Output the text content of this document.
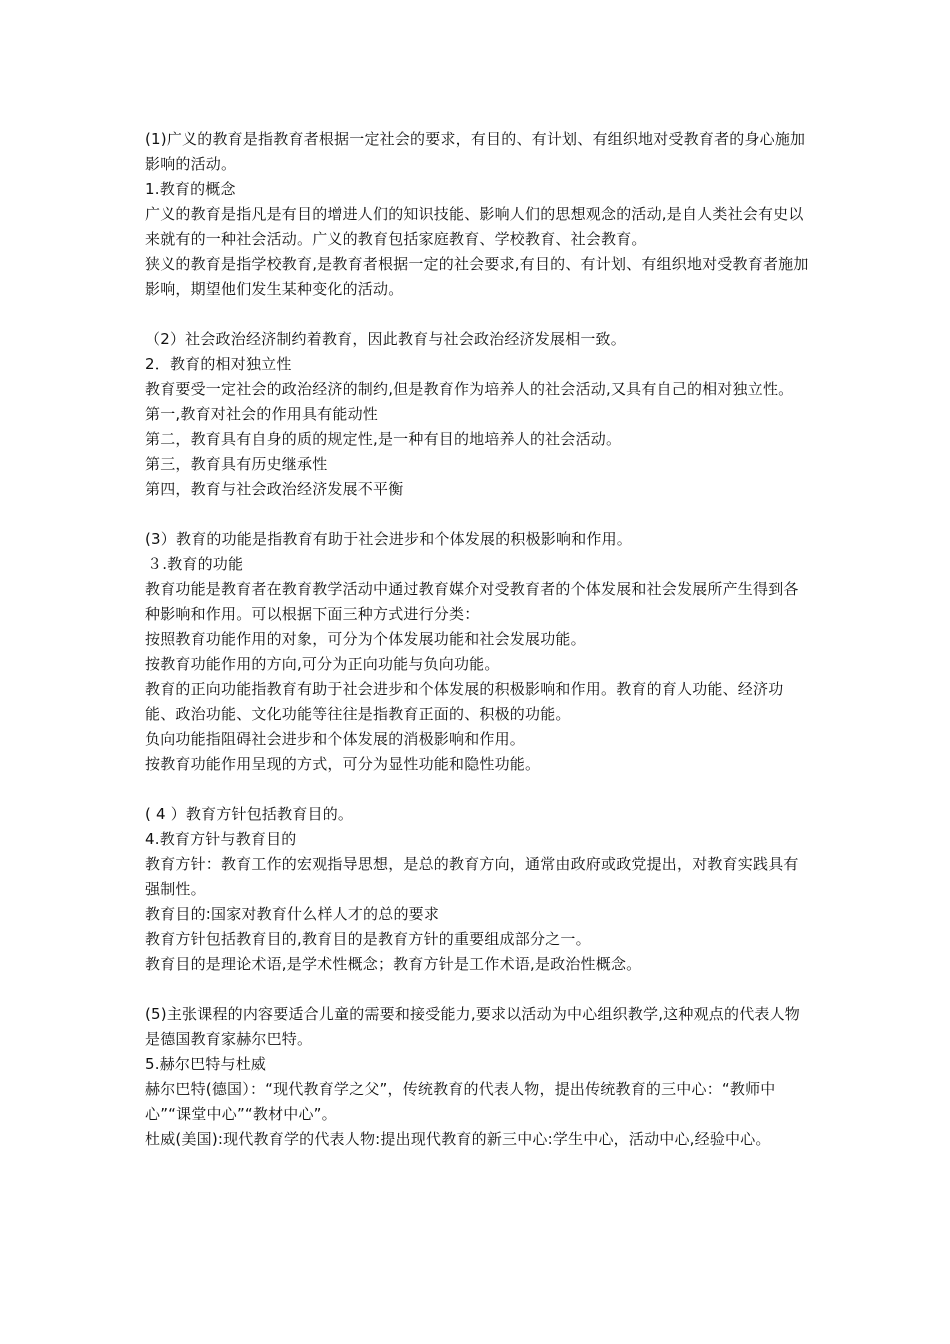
(1)广义的教育是指教育者根据一定社会的要求，有目的、有计划、有组织地对受教育者的身心施加影响的活动。

1.教育的概念

广义的教育是指凡是有目的增进人们的知识技能、影响人们的思想观念的活动,是自人类社会有史以来就有的一种社会活动。广义的教育包括家庭教育、学校教育、社会教育。

狭义的教育是指学校教育,是教育者根据一定的社会要求,有目的、有计划、有组织地对受教育者施加影响，期望他们发生某种变化的活动。

（2）社会政治经济制约着教育，因此教育与社会政治经济发展相一致。

2．教育的相对独立性

教育要受一定社会的政治经济的制约,但是教育作为培养人的社会活动,又具有自己的相对独立性。

第一,教育对社会的作用具有能动性

第二，教育具有自身的质的规定性,是一种有目的地培养人的社会活动。

第三，教育具有历史继承性

第四，教育与社会政治经济发展不平衡

(3）教育的功能是指教育有助于社会进步和个体发展的积极影响和作用。

３.教育的功能

教育功能是教育者在教育教学活动中通过教育媒介对受教育者的个体发展和社会发展所产生得到各种影响和作用。可以根据下面三种方式进行分类：

按照教育功能作用的对象，可分为个体发展功能和社会发展功能。

按教育功能作用的方向,可分为正向功能与负向功能。

教育的正向功能指教育有助于社会进步和个体发展的积极影响和作用。教育的育人功能、经济功能、政治功能、文化功能等往往是指教育正面的、积极的功能。

负向功能指阻碍社会进步和个体发展的消极影响和作用。

按教育功能作用呈现的方式，可分为显性功能和隐性功能。

( 4 ）教育方针包括教育目的。

4.教育方针与教育目的

教育方针：教育工作的宏观指导思想，是总的教育方向，通常由政府或政党提出，对教育实践具有强制性。

教育目的:国家对教育什么样人才的总的要求

教育方针包括教育目的,教育目的是教育方针的重要组成部分之一。

教育目的是理论术语,是学术性概念；教育方针是工作术语,是政治性概念。

(5)主张课程的内容要适合儿童的需要和接受能力,要求以活动为中心组织教学,这种观点的代表人物是德国教育家赫尔巴特。

5.赫尔巴特与杜威

赫尔巴特(德国）：“现代教育学之父”，传统教育的代表人物，提出传统教育的三中心：“教师中心”“课堂中心”“教材中心”。

杜威(美国):现代教育学的代表人物:提出现代教育的新三中心:学生中心，活动中心,经验中心。
